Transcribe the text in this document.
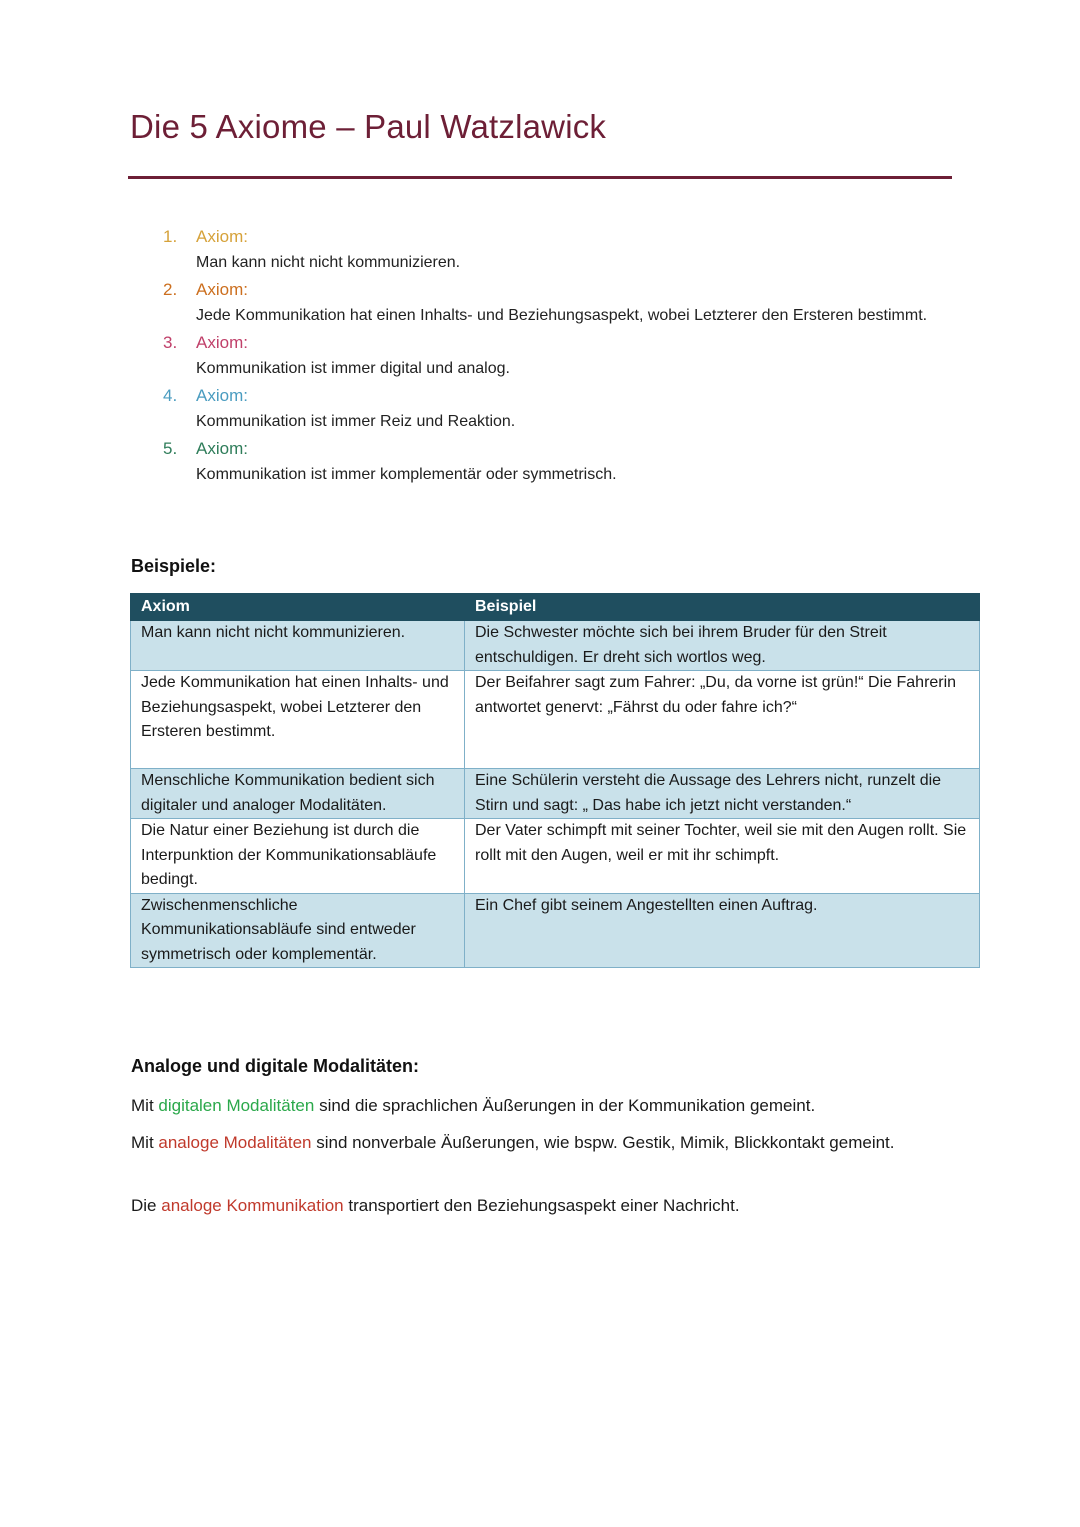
Die 5 Axiome – Paul Watzlawick
1.	Axiom:
Man kann nicht nicht kommunizieren.
2.	Axiom:
Jede Kommunikation hat einen Inhalts- und Beziehungsaspekt, wobei Letzterer den Ersteren bestimmt.
3.	Axiom:
Kommunikation ist immer digital und analog.
4.	Axiom:
Kommunikation ist immer Reiz und Reaktion.
5.	Axiom:
Kommunikation ist immer komplementär oder symmetrisch.
Beispiele:
Axiom	Beispiel
Man kann nicht nicht kommunizieren.	Die Schwester möchte sich bei ihrem Bruder für den Streit entschuldigen. Er dreht sich wortlos weg.
Jede Kommunikation hat einen Inhalts- und Beziehungsaspekt, wobei Letzterer den Ersteren bestimmt.	Der Beifahrer sagt zum Fahrer: „Du, da vorne ist grün!“ Die Fahrerin antwortet genervt: „Fährst du oder fahre ich?“
Menschliche Kommunikation bedient sich digitaler und analoger Modalitäten.	Eine Schülerin versteht die Aussage des Lehrers nicht, runzelt die Stirn und sagt: „ Das habe ich jetzt nicht verstanden.“
Die Natur einer Beziehung ist durch die Interpunktion der Kommunikationsabläufe bedingt.	Der Vater schimpft mit seiner Tochter, weil sie mit den Augen rollt. Sie rollt mit den Augen, weil er mit ihr schimpft.
Zwischenmenschliche Kommunikationsabläufe sind entweder symmetrisch oder komplementär.	Ein Chef gibt seinem Angestellten einen Auftrag.
Analoge und digitale Modalitäten:

Mit digitalen Modalitäten sind die sprachlichen Äußerungen in der Kommunikation gemeint.

Mit analoge Modalitäten sind nonverbale Äußerungen, wie bspw. Gestik, Mimik, Blickkontakt gemeint.

Die analoge Kommunikation transportiert den Beziehungsaspekt einer Nachricht.
